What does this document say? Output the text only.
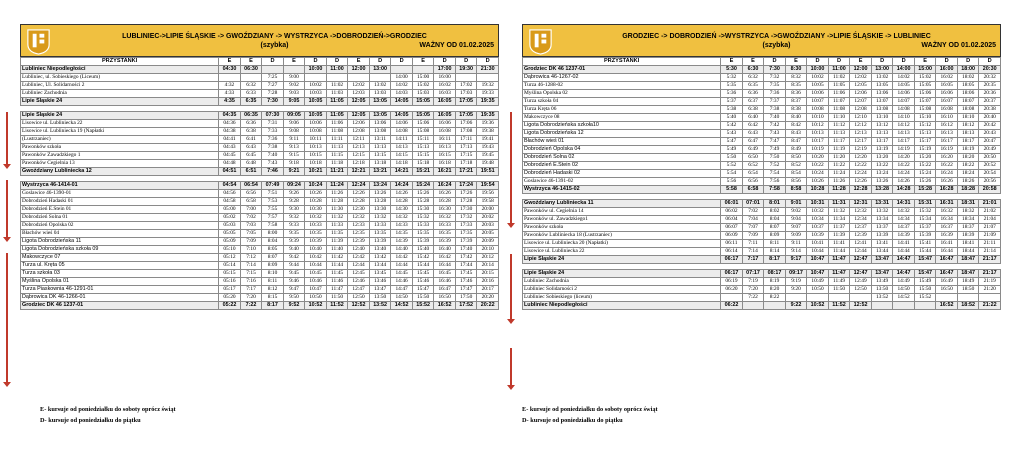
LUBLINIEC->LIPIE ŚLĄSKIE -> GWOŹDZIANY -> WYSTRZYCA ->DOBRODZIEŃ->GRODZIEC
(szybka)	WAŻNY OD 01.02.2025
PRZYSTANKI	E	E	D	E	D	D	E	D	D	E	D	D	D
Lubliniec Niepodległości	04:30	06:30			10:00	11:00	12:00	13:00			17:00	19:30	21:30
Lubliniec, ul. Sobieskiego (Liceum)			7:25	9:00					14:00	15:00	16:00		
Lubliniec, Ul. Solidarności 2	4:32	6:32	7:27	9:02	10:02	11:02	12:02	13:02	14:02	15:02	16:02	17:02	19:32
Lubliniec Zachodnia	4:33	6:33	7:28	9:03	10:03	11:03	12:03	13:03	14:03	15:03	16:03	17:03	19:33
Lipie Śląskie 24	4:35	6:35	7:30	9:05	10:05	11:05	12:05	13:05	14:05	15:05	16:05	17:05	19:35

Lipie Śląskie 24	04:35	06:35	07:30	09:05	10:05	11:05	12:05	13:05	14:05	15:05	16:05	17:05	19:35
Lisowice ul. Lubliniecka 22	04:36	6:36	7:31	9:06	10:06	11:06	12:06	13:06	14:06	15:06	16:06	17:06	19:36
Lisowice ul. Lubliniecka 19 (Napłatki	04:38	6:38	7:33	9:08	10:08	11:08	12:08	13:08	14:08	15:08	16:08	17:08	19:38
(Lustrzaniec)	04:41	6:41	7:36	9:11	10:11	11:11	12:11	13:11	14:11	15:11	16:11	17:11	19:41
Pawonków szkoła	04:43	6:43	7:38	9:13	10:13	11:13	12:13	13:13	14:13	15:13	16:13	17:13	19:43
Pawonków Zawadzkiego 1	04:45	6:45	7:40	9:15	10:15	11:15	12:15	13:15	14:15	15:15	16:15	17:15	19:45
Pawonków Cegielnia 13	04:48	6:48	7:43	9:18	10:18	11:18	12:18	13:18	14:18	15:18	16:18	17:18	19:48
Gwoździany Lubliniecka 12	04:51	6:51	7:46	9:21	10:21	11:21	12:21	13:21	14:21	15:21	16:21	17:21	19:51

Wystrzyca 46-1414-01	04:54	06:54	07:49	09:24	10:24	11:24	12:24	13:24	14:24	15:24	16:24	17:24	19:54
Goslawice 46-1390-01	04:56	6:56	7:51	9:26	10:26	11:26	12:26	13:26	14:26	15:26	16:26	17:26	19:56
Dobrodzień Hadaski 01	04:58	6:58	7:53	9:28	10:28	11:28	12:28	13:28	14:28	15:28	16:28	17:28	19:58
Dobrodzień E.Stein 01	05:00	7:00	7:55	9:30	10:30	11:30	12:30	13:30	14:30	15:30	16:30	17:30	20:00
Dobrodzień Solna 01	05:02	7:02	7:57	9:32	10:32	11:32	12:32	13:32	14:32	15:32	16:32	17:32	20:02
Dobrodzień Opolska 02	05:03	7:03	7:58	9:33	10:33	11:33	12:33	13:33	14:33	15:33	16:33	17:33	20:03
Błachów wieś 04	05:05	7:05	8:00	9:35	10:35	11:35	12:35	13:35	14:35	15:35	16:35	17:35	20:05
Ligota Dobrodzieńska 11	05:09	7:09	8:04	9:39	10:39	11:39	12:39	13:39	14:39	15:39	16:39	17:39	20:09
Ligota Dobrodzieńska szkoła 09	05:10	7:10	8:05	9:40	10:40	11:40	12:40	13:40	14:40	15:40	16:40	17:40	20:10
Makowczyce 07	05:12	7:12	8:07	9:42	10:42	11:42	12:42	13:42	14:42	15:42	16:42	17:42	20:12
Turza ul. Kręta 05	05:14	7:14	8:09	9:44	10:44	11:44	12:44	13:44	14:44	15:44	16:44	17:44	20:14
Turza szkoła 03	05:15	7:15	8:10	9:45	10:45	11:45	12:45	13:45	14:45	15:45	16:45	17:45	20:15
Myślina Opolska 01	05:16	7:16	8:11	9:46	10:46	11:46	12:46	13:46	14:46	15:46	16:46	17:46	20:16
Turza Piaskownia 46-1291-01	05:17	7:17	8:12	9:47	10:47	11:47	12:47	13:47	14:47	15:47	16:47	17:47	20:17
Dąbrowica DK 46-1266-01	05:20	7:20	8:15	9:50	10:50	11:50	12:50	13:50	14:50	15:50	16:50	17:50	20:20
Grodziec DK 46 1237-01	05:22	7:22	8:17	9:52	10:52	11:52	12:52	13:52	14:52	15:52	16:52	17:52	20:22
GRODZIEC -> DOBRODZIEŃ ->WYSTRZYCA ->GWOŹDZIANY ->LIPIE ŚLĄSKIE -> LUBLINIEC
(szybka)	WAŻNY OD 01.02.2025
PRZYSTANKI	E	E	D	E	D	D	E	D	D	E	D	D	D
Grodziec DK 46 1237-01	5:30	6:30	7:30	8:30	10:00	11:00	12:00	13:00	14:00	15:00	16:00	18:00	20:30
Dąbrowica 46-1267-02	5:32	6:32	7:32	8:32	10:02	11:02	12:02	13:02	14:02	15:02	16:02	18:02	20:32
Turza 46-1288-02	5:35	6:35	7:35	8:35	10:05	11:05	12:05	13:05	14:05	15:05	16:05	18:05	20:35
Myślina Opolska 02	5:36	6:36	7:36	8:36	10:06	11:06	12:06	13:06	14:06	15:06	16:06	18:06	20:36
Turza szkoła 04	5:37	6:37	7:37	8:37	10:07	11:07	12:07	13:07	14:07	15:07	16:07	18:07	20:37
Turza Kręta 06	5:38	6:38	7:38	8:38	10:08	11:08	12:08	13:08	14:08	15:08	16:08	18:08	20:38
Makowczyce 08	5:40	6:40	7:40	8:40	10:10	11:10	12:10	13:10	14:10	15:10	16:10	18:10	20:40
Ligota Dobrodzieńska szkoła10	5:42	6:42	7:42	8:42	10:12	11:12	12:12	13:12	14:12	15:12	16:12	18:12	20:42
Ligota Dobrodzieńska 12	5:43	6:43	7:43	8:43	10:13	11:13	12:13	13:13	14:13	15:13	16:13	18:13	20:43
Błachów wieś 01	5:47	6:47	7:47	8:47	10:17	11:17	12:17	13:17	14:17	15:17	16:17	18:17	20:47
Dobrodzień Opolska 04	5:49	6:49	7:49	8:49	10:19	11:19	12:19	13:19	14:19	15:19	16:19	18:19	20:49
Dobrodzień Solna 02	5:50	6:50	7:50	8:50	10:20	11:20	12:20	13:20	14:20	15:20	16:20	18:20	20:50
Dobrodzień E.Stein 02	5:52	6:52	7:52	8:52	10:22	11:22	12:22	13:22	14:22	15:22	16:22	18:22	20:52
Dobrodzień Hadaski 02	5:54	6:54	7:54	8:54	10:24	11:24	12:24	13:24	14:24	15:24	16:24	18:24	20:54
Goslawice 46-1391-02	5:56	6:56	7:56	8:56	10:26	11:26	12:26	13:26	14:26	15:26	16:26	18:26	20:56
Wystrzyca 46-1415-02	5:58	6:58	7:58	8:58	10:28	11:28	12:28	13:28	14:28	15:28	16:28	18:28	20:58

Gwoździany Lubliniecka 11	06:01	07:01	8:01	9:01	10:31	11:31	12:31	13:31	14:31	15:31	16:31	18:31	21:01
Pawonków ul. Cegielnia 14	06:02	7:02	8:02	9:02	10:32	11:32	12:32	13:32	14:32	15:32	16:32	18:32	21:02
Pawonków ul. Zawadzkiego1	06:04	7:04	8:04	9:04	10:34	11:34	12:34	13:34	14:34	15:34	16:34	18:34	21:04
Pawonków szkoła	06:07	7:07	8:07	9:07	10:37	11:37	12:37	13:37	14:37	15:37	16:37	18:37	21:07
Pawonków Lubliniecka 18 (Lustrzaniec)	06:09	7:09	8:09	9:09	10:39	11:39	12:39	13:39	14:39	15:39	16:39	18:39	21:09
Lisowice ul. Lubliniecka 20 (Napłatki)	06:11	7:11	8:11	9:11	10:41	11:41	12:41	13:41	14:41	15:41	16:41	18:41	21:11
Lisowice ul. Lubliniecka 22	06:14	7:14	8:14	9:14	10:44	11:44	12:44	13:44	14:44	15:44	16:44	18:44	21:14
Lipie Śląskie 24	06:17	7:17	8:17	9:17	10:47	11:47	12:47	13:47	14:47	15:47	16:47	18:47	21:17

Lipie Śląskie 24	06:17	07:17	08:17	09:17	10:47	11:47	12:47	13:47	14:47	15:47	16:47	18:47	21:17
Lubliniec Zachodnia	06:19	7:19	8:19	9:19	10:49	11:49	12:49	13:49	14:49	15:49	16:49	18:49	21:19
Lubliniec Solidarności 2	06:20	7:20	8:20	9:20	10:50	11:50	12:50	13:50	14:50	15:50	16:50	18:50	21:20
Lubliniec Sobieskiego (liceum)		7:22	8:22					13:52	14:52	15:52			
Lubliniec Niepodległości	06:22			9:22	10:52	11:52	12:52				16:52	18:52	21:22
E- kursuje od poniedziałku do soboty oprócz świąt
D- kursuje od poniedziałku do piątku
E- kursuje od poniedziałku do soboty oprócz świąt
D- kursuje od poniedziałku do piątku
